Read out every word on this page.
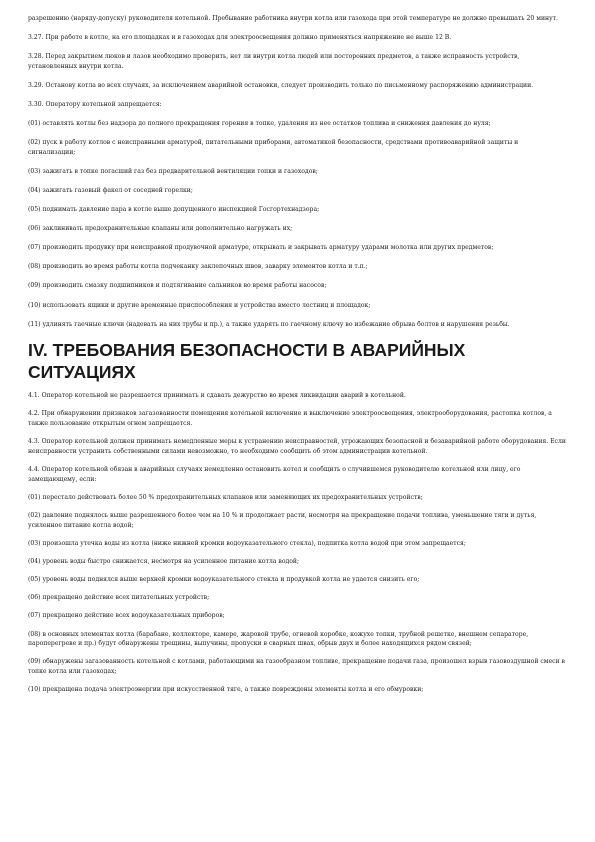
разрешению (наряду-допуску) руководителя котельной. Пребывание работника внутри котла или газохода при этой температуре не должно превышать 20 минут.

3.27. При работе в котле, на его площадках и в газоходах для электроосвещения должно применяться напряжение не выше 12 В.

3.28. Перед закрытием люков и лазов необходимо проверить, нет ли внутри котла людей или посторонних предметов, а также исправность устройств, установленных внутри котла.

3.29. Останову котла во всех случаях, за исключением аварийной остановки, следует производить только по письменному распоряжению администрации.

3.30. Оператору котельной запрещается:

(01) оставлять котлы без надзора до полного прекращения горения в топке, удаления из нее остатков топлива и снижения давления до нуля;

(02) пуск в работу котлов с неисправными арматурой, питательными приборами, автоматикой безопасности, средствами противоаварийной защиты и сигнализации;

(03) зажигать в топке погасший газ без предварительной вентиляции топки и газоходов;

(04) зажигать газовый факел от соседней горелки;

(05) поднимать давление пара в котле выше допущенного инспекцией Госгортехнадзора;

(06) заклинивать предохранительные клапаны или дополнительно нагружать их;

(07) производить продувку при неисправной продувочной арматуре, открывать и закрывать арматуру ударами молотка или других предметов;

(08) производить во время работы котла подчеканку заклепочных швов, заварку элементов котла и т.п.;

(09) производить смазку подшипников и подтягивание сальников во время работы насосов;

(10) использовать ящики и другие временные приспособления и устройства вместо лестниц и площадок;

(11) удлинять гаечные ключи (надевать на них трубы и пр.), а также ударять по гаечному ключу во избежание обрыва болтов и нарушения резьбы.

IV. ТРЕБОВАНИЯ БЕЗОПАСНОСТИ В АВАРИЙНЫХ СИТУАЦИЯХ

4.1. Оператор котельной не разрешается принимать и сдавать дежурство во время ликвидации аварий в котельной.

4.2. При обнаружении признаков загазованности помещения котельной включение и выключение электроосвещения, электрооборудования, растопка котлов, а также пользование открытым огнем запрещается.

4.3. Оператор котельной должен принимать немедленные меры к устранению неисправностей, угрожающих безопасной и безаварийной работе оборудования. Если неисправности устранить собственными силами невозможно, то необходимо сообщить об этом администрации котельной.

4.4. Оператор котельной обязан в аварийных случаях немедленно остановить котел и сообщить о случившемся руководителю котельной или лицу, его замещающему, если:

(01) перестало действовать более 50 % предохранительных клапанов или заменяющих их предохранительных устройств;

(02) давление поднялось выше разрешенного более чем на 10 % и продолжает расти, несмотря на прекращение подачи топлива, уменьшение тяги и дутья, усиленное питание котла водой;

(03) произошла утечка воды из котла (ниже нижней кромки водоуказательного стекла), подпитка котла водой при этом запрещается;

(04) уровень воды быстро снижается, несмотря на усиленное питание котла водой;

(05) уровень воды поднялся выше верхней кромки водоуказательного стекла и продувкой котла не удается снизить его;

(06) прекращено действие всех питательных устройств;

(07) прекращено действие всех водоуказательных приборов;

(08) в основных элементах котла (барабане, коллекторе, камере, жаровой трубе, огневой коробке, кожухе топки, трубной решетке, внешнем сепараторе, пароперегреве и пр.) будут обнаружены трещины, выпучины, пропуски в сварных швах, обрыв двух и более находящихся рядом связей;

(09) обнаружены загазованность котельной с котлами, работающими на газообразном топливе, прекращение подачи газа, произошел взрыв газовоздушной смеси в топке котла или газоходах;

(10) прекращена подача электроэнергии при искусственной тяге, а также повреждены элементы котла и его обмуровки;
